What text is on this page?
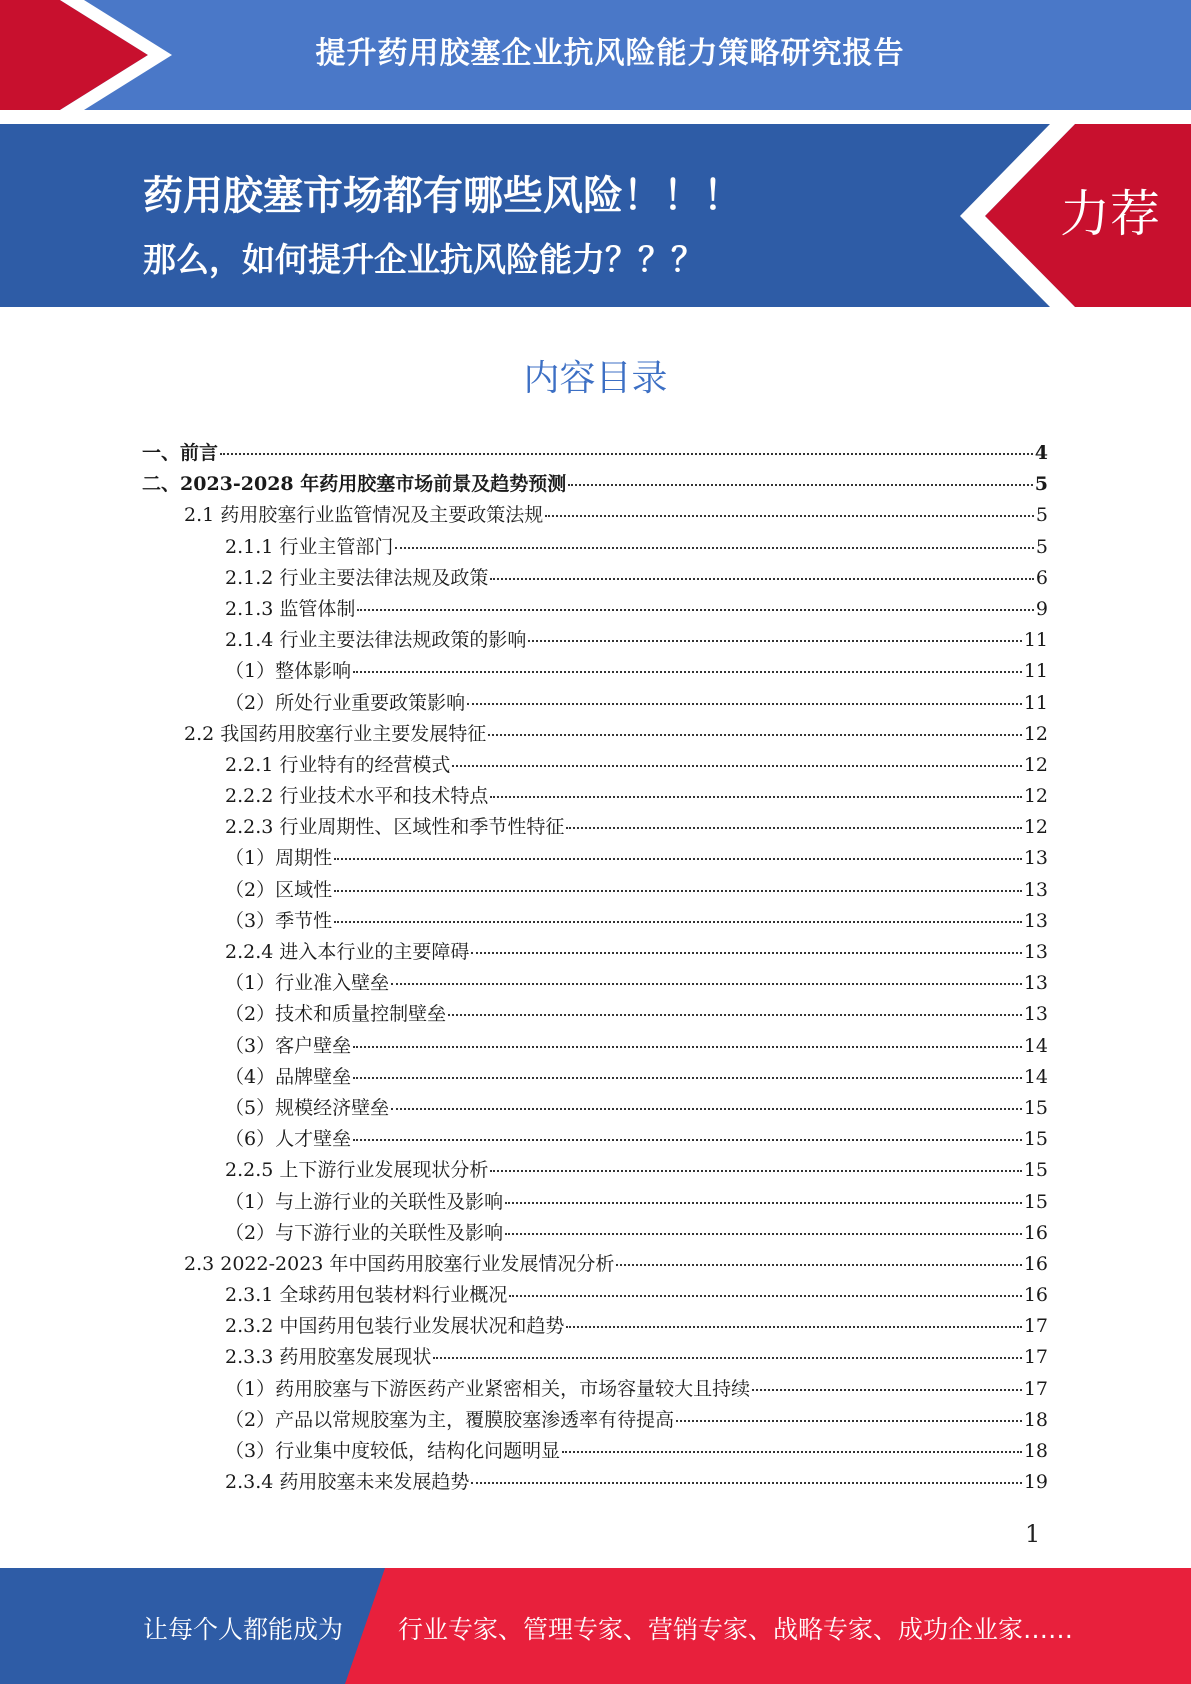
提升药用胶塞企业抗风险能力策略研究报告
药用胶塞市场都有哪些风险！！！
那么，如何提升企业抗风险能力？？？
力荐
内容目录
一、前言	4
二、2023-2028 年药用胶塞市场前景及趋势预测	5
2.1 药用胶塞行业监管情况及主要政策法规	5
2.1.1 行业主管部门	5
2.1.2 行业主要法律法规及政策	6
2.1.3 监管体制	9
2.1.4 行业主要法律法规政策的影响	11
（1）整体影响	11
（2）所处行业重要政策影响	11
2.2 我国药用胶塞行业主要发展特征	12
2.2.1 行业特有的经营模式	12
2.2.2 行业技术水平和技术特点	12
2.2.3 行业周期性、区域性和季节性特征	12
（1）周期性	13
（2）区域性	13
（3）季节性	13
2.2.4 进入本行业的主要障碍	13
（1）行业准入壁垒	13
（2）技术和质量控制壁垒	13
（3）客户壁垒	14
（4）品牌壁垒	14
（5）规模经济壁垒	15
（6）人才壁垒	15
2.2.5 上下游行业发展现状分析	15
（1）与上游行业的关联性及影响	15
（2）与下游行业的关联性及影响	16
2.3 2022-2023 年中国药用胶塞行业发展情况分析	16
2.3.1 全球药用包装材料行业概况	16
2.3.2 中国药用包装行业发展状况和趋势	17
2.3.3 药用胶塞发展现状	17
（1）药用胶塞与下游医药产业紧密相关，市场容量较大且持续	17
（2）产品以常规胶塞为主，覆膜胶塞渗透率有待提高	18
（3）行业集中度较低，结构化问题明显	18
2.3.4 药用胶塞未来发展趋势	19
1
让每个人都能成为 行业专家、管理专家、营销专家、战略专家、成功企业家……
